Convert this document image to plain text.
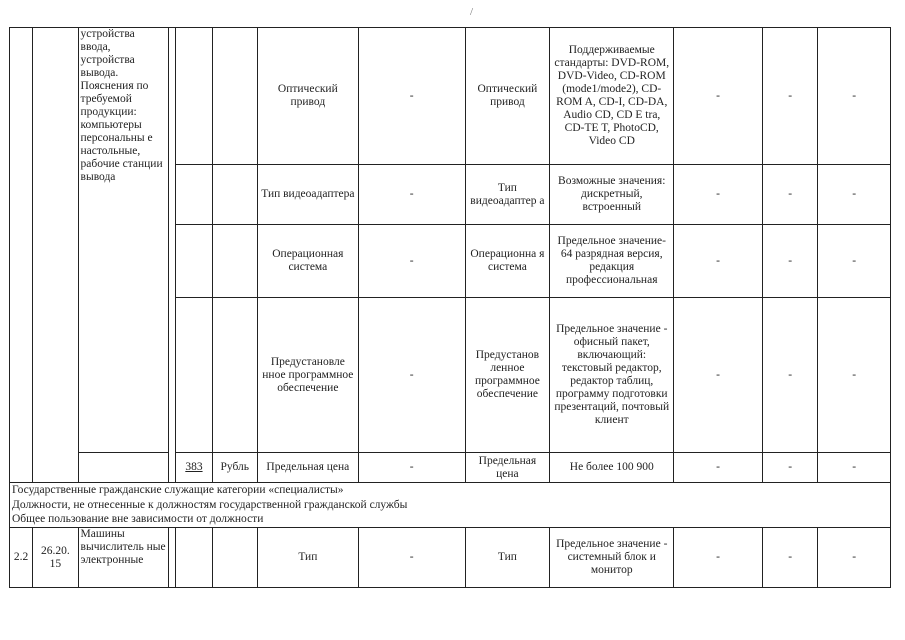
/
		устройства ввода, устройства вывода. Пояснения по требуемой продукции: компьютеры персональны е настольные, рабочие станции вывода				Оптический привод	-	Оптический привод	Поддерживаемые стандарты: DVD-ROM, DVD-Video, CD-ROM (mode1/mode2), CD-ROM A, CD-I, CD-DA, Audio CD, CD E tra, CD-TE T, PhotoCD, Video CD	-	-	-
						Тип видеоадаптера	-	Тип видеоадаптер а	Возможные значения: дискретный, встроенный	-	-	-
						Операционная система	-	Операционна я система	Предельное значение- 64 разрядная версия, редакция профессиональная	-	-	-
						Предустановле нное программное обеспечение	-	Предустанов ленное программное обеспечение	Предельное значение - офисный пакет, включающий: текстовый редактор, редактор таблиц, программу подготовки презентаций, почтовый клиент	-	-	-
				383	Рубль	Предельная цена	-	Предельная цена	Не более 100 900	-	-	-
Государственные гражданские служащие категории «специалисты»												
Должности, не отнесенные к должностям государственной гражданской службы												
Общее пользование вне зависимости от должности												
2.2	26.20. 15	Машины вычислитель ные электронные				Тип	-	Тип	Предельное значение - системный блок и монитор	-	-	-
